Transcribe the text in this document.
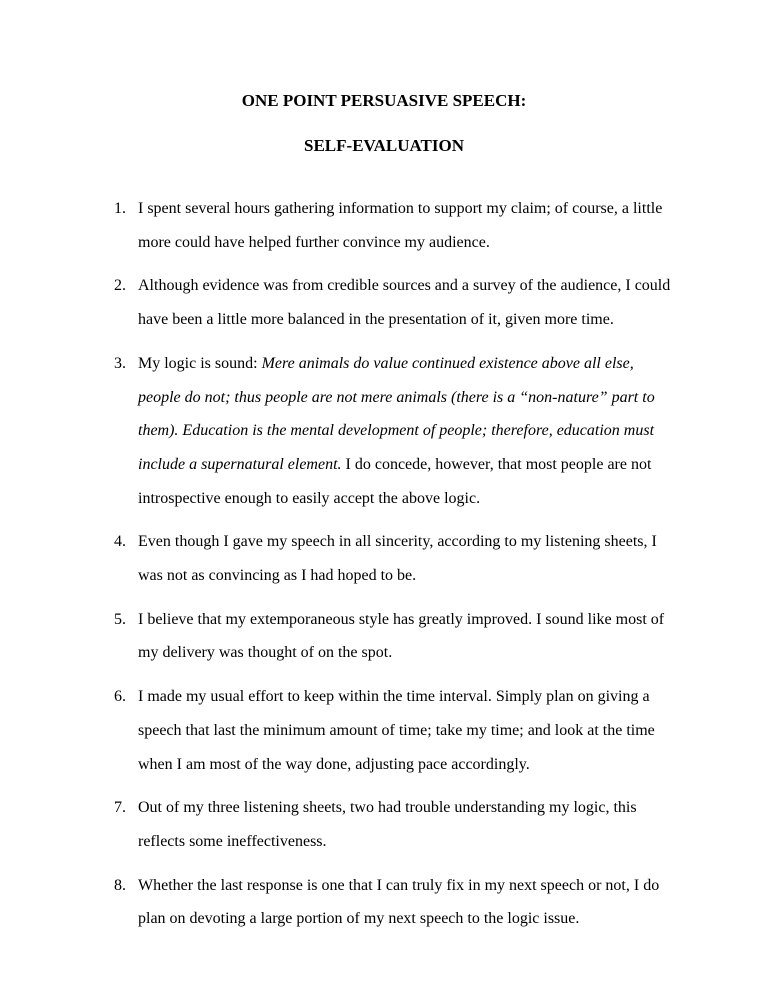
ONE POINT PERSUASIVE SPEECH:
SELF-EVALUATION
1. I spent several hours gathering information to support my claim; of course, a little more could have helped further convince my audience.
2. Although evidence was from credible sources and a survey of the audience, I could have been a little more balanced in the presentation of it, given more time.
3. My logic is sound: Mere animals do value continued existence above all else, people do not; thus people are not mere animals (there is a “non-nature” part to them). Education is the mental development of people; therefore, education must include a supernatural element. I do concede, however, that most people are not introspective enough to easily accept the above logic.
4. Even though I gave my speech in all sincerity, according to my listening sheets, I was not as convincing as I had hoped to be.
5. I believe that my extemporaneous style has greatly improved. I sound like most of my delivery was thought of on the spot.
6. I made my usual effort to keep within the time interval. Simply plan on giving a speech that last the minimum amount of time; take my time; and look at the time when I am most of the way done, adjusting pace accordingly.
7. Out of my three listening sheets, two had trouble understanding my logic, this reflects some ineffectiveness.
8. Whether the last response is one that I can truly fix in my next speech or not, I do plan on devoting a large portion of my next speech to the logic issue.
